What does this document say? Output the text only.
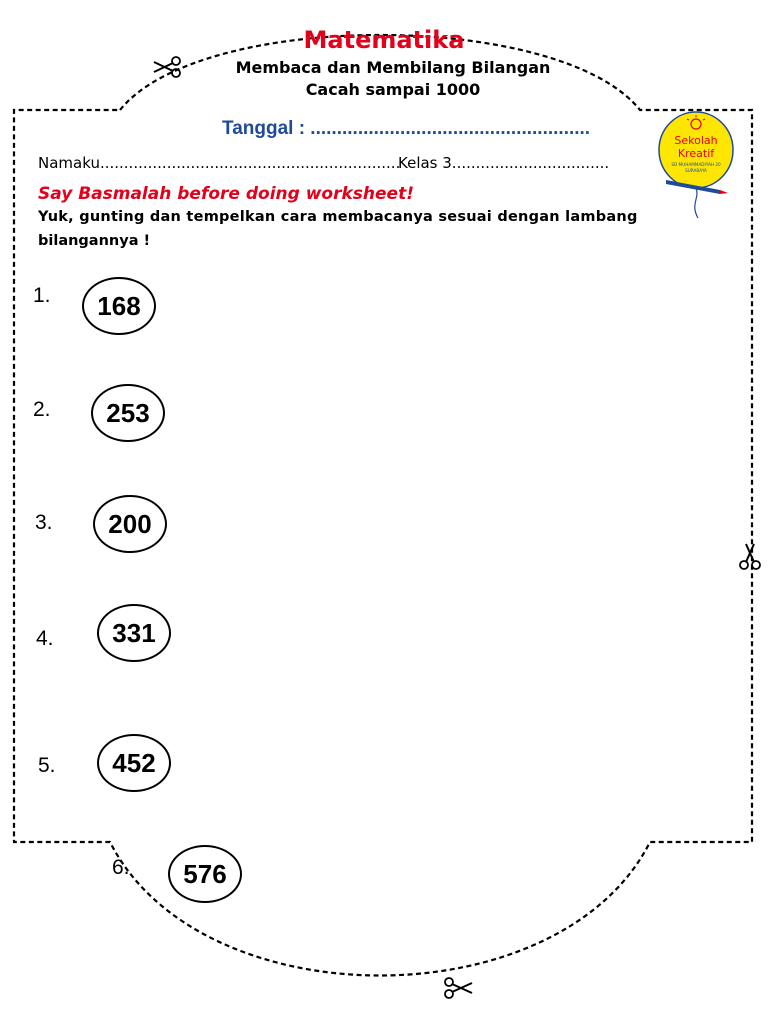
Matematika
Membaca dan Membilang Bilangan
Cacah sampai 1000
Tanggal : .....................................................
Namaku...............................................................
Kelas 3.................................
Sekolah
Kreatif
SD MUHAMMADIYAH 20
SURABAYA
Say Basmalah before doing worksheet!
Yuk, gunting dan tempelkan cara membacanya sesuai dengan lambang
bilangannya !
1. 168
2. 253
3. 200
4. 331
5. 452
6. 576
